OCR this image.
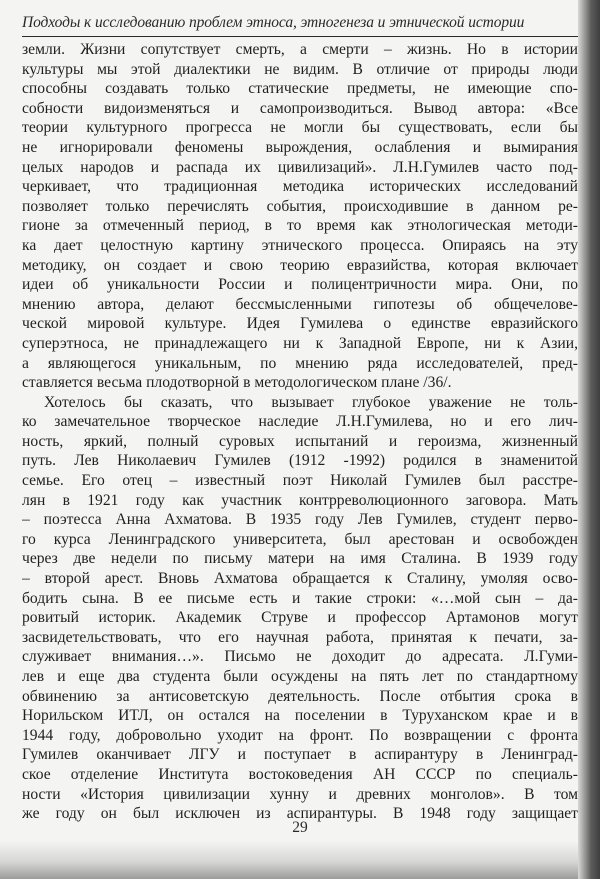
Подходы к исследованию проблем этноса, этногенеза и этнической истории
земли. Жизни сопутствует смерть, а смерти – жизнь. Но в истории
культуры мы этой диалектики не видим. В отличие от природы люди
способны создавать только статические предметы, не имеющие спо-
собности видоизменяться и самопроизводиться. Вывод автора: «Все
теории культурного прогресса не могли бы существовать, если бы
не игнорировали феномены вырождения, ослабления и вымирания
целых народов и распада их цивилизаций». Л.Н.Гумилев часто под-
черкивает, что традиционная методика исторических исследований
позволяет только перечислять события, происходившие в данном ре-
гионе за отмеченный период, в то время как этнологическая методи-
ка дает целостную картину этнического процесса. Опираясь на эту
методику, он создает и свою теорию евразийства, которая включает
идеи об уникальности России и полицентричности мира. Они, по
мнению автора, делают бессмысленными гипотезы об общечелове-
ческой мировой культуре. Идея Гумилева о единстве евразийского
суперэтноса, не принадлежащего ни к Западной Европе, ни к Азии,
а являющегося уникальным, по мнению ряда исследователей, пред-
ставляется весьма плодотворной в методологическом плане /36/.
Хотелось бы сказать, что вызывает глубокое уважение не толь-
ко замечательное творческое наследие Л.Н.Гумилева, но и его лич-
ность, яркий, полный суровых испытаний и героизма, жизненный
путь. Лев Николаевич Гумилев (1912 -1992) родился в знаменитой
семье. Его отец – известный поэт Николай Гумилев был расстре-
лян в 1921 году как участник контрреволюционного заговора. Мать
– поэтесса Анна Ахматова. В 1935 году Лев Гумилев, студент перво-
го курса Ленинградского университета, был арестован и освобожден
через две недели по письму матери на имя Сталина. В 1939 году
– второй арест. Вновь Ахматова обращается к Сталину, умоляя осво-
бодить сына. В ее письме есть и такие строки: «…мой сын – да-
ровитый историк. Академик Струве и профессор Артамонов могут
засвидетельствовать, что его научная работа, принятая к печати, за-
служивает внимания…». Письмо не доходит до адресата. Л.Гуми-
лев и еще два студента были осуждены на пять лет по стандартному
обвинению за антисоветскую деятельность. После отбытия срока в
Норильском ИТЛ, он остался на поселении в Туруханском крае и в
1944 году, добровольно уходит на фронт. По возвращении с фронта
Гумилев оканчивает ЛГУ и поступает в аспирантуру в Ленинград-
ское отделение Института востоковедения АН СССР по специаль-
ности «История цивилизации хунну и древних монголов». В том
же году он был исключен из аспирантуры. В 1948 году защищает
29
